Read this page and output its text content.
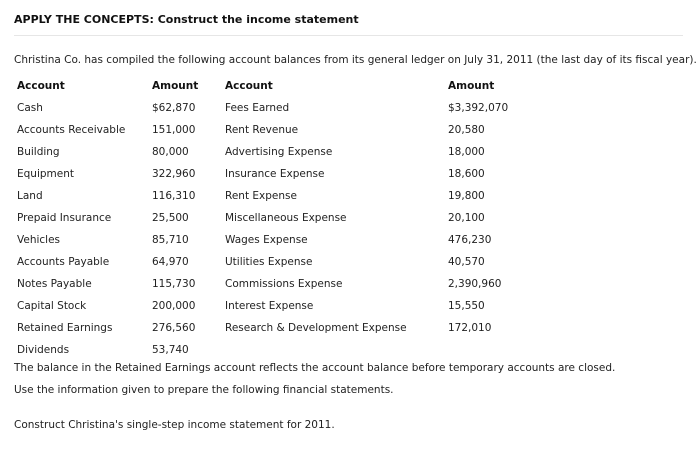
APPLY THE CONCEPTS: Construct the income statement
Christina Co. has compiled the following account balances from its general ledger on July 31, 2011 (the last day of its fiscal year).
Account	Amount	Account	Amount
Cash	$62,870	Fees Earned	$3,392,070
Accounts Receivable	151,000	Rent Revenue	20,580
Building	80,000	Advertising Expense	18,000
Equipment	322,960	Insurance Expense	18,600
Land	116,310	Rent Expense	19,800
Prepaid Insurance	25,500	Miscellaneous Expense	20,100
Vehicles	85,710	Wages Expense	476,230
Accounts Payable	64,970	Utilities Expense	40,570
Notes Payable	115,730	Commissions Expense	2,390,960
Capital Stock	200,000	Interest Expense	15,550
Retained Earnings	276,560	Research & Development Expense	172,010
Dividends	53,740
The balance in the Retained Earnings account reflects the account balance before temporary accounts are closed.
Use the information given to prepare the following financial statements.
Construct Christina's single-step income statement for 2011.
